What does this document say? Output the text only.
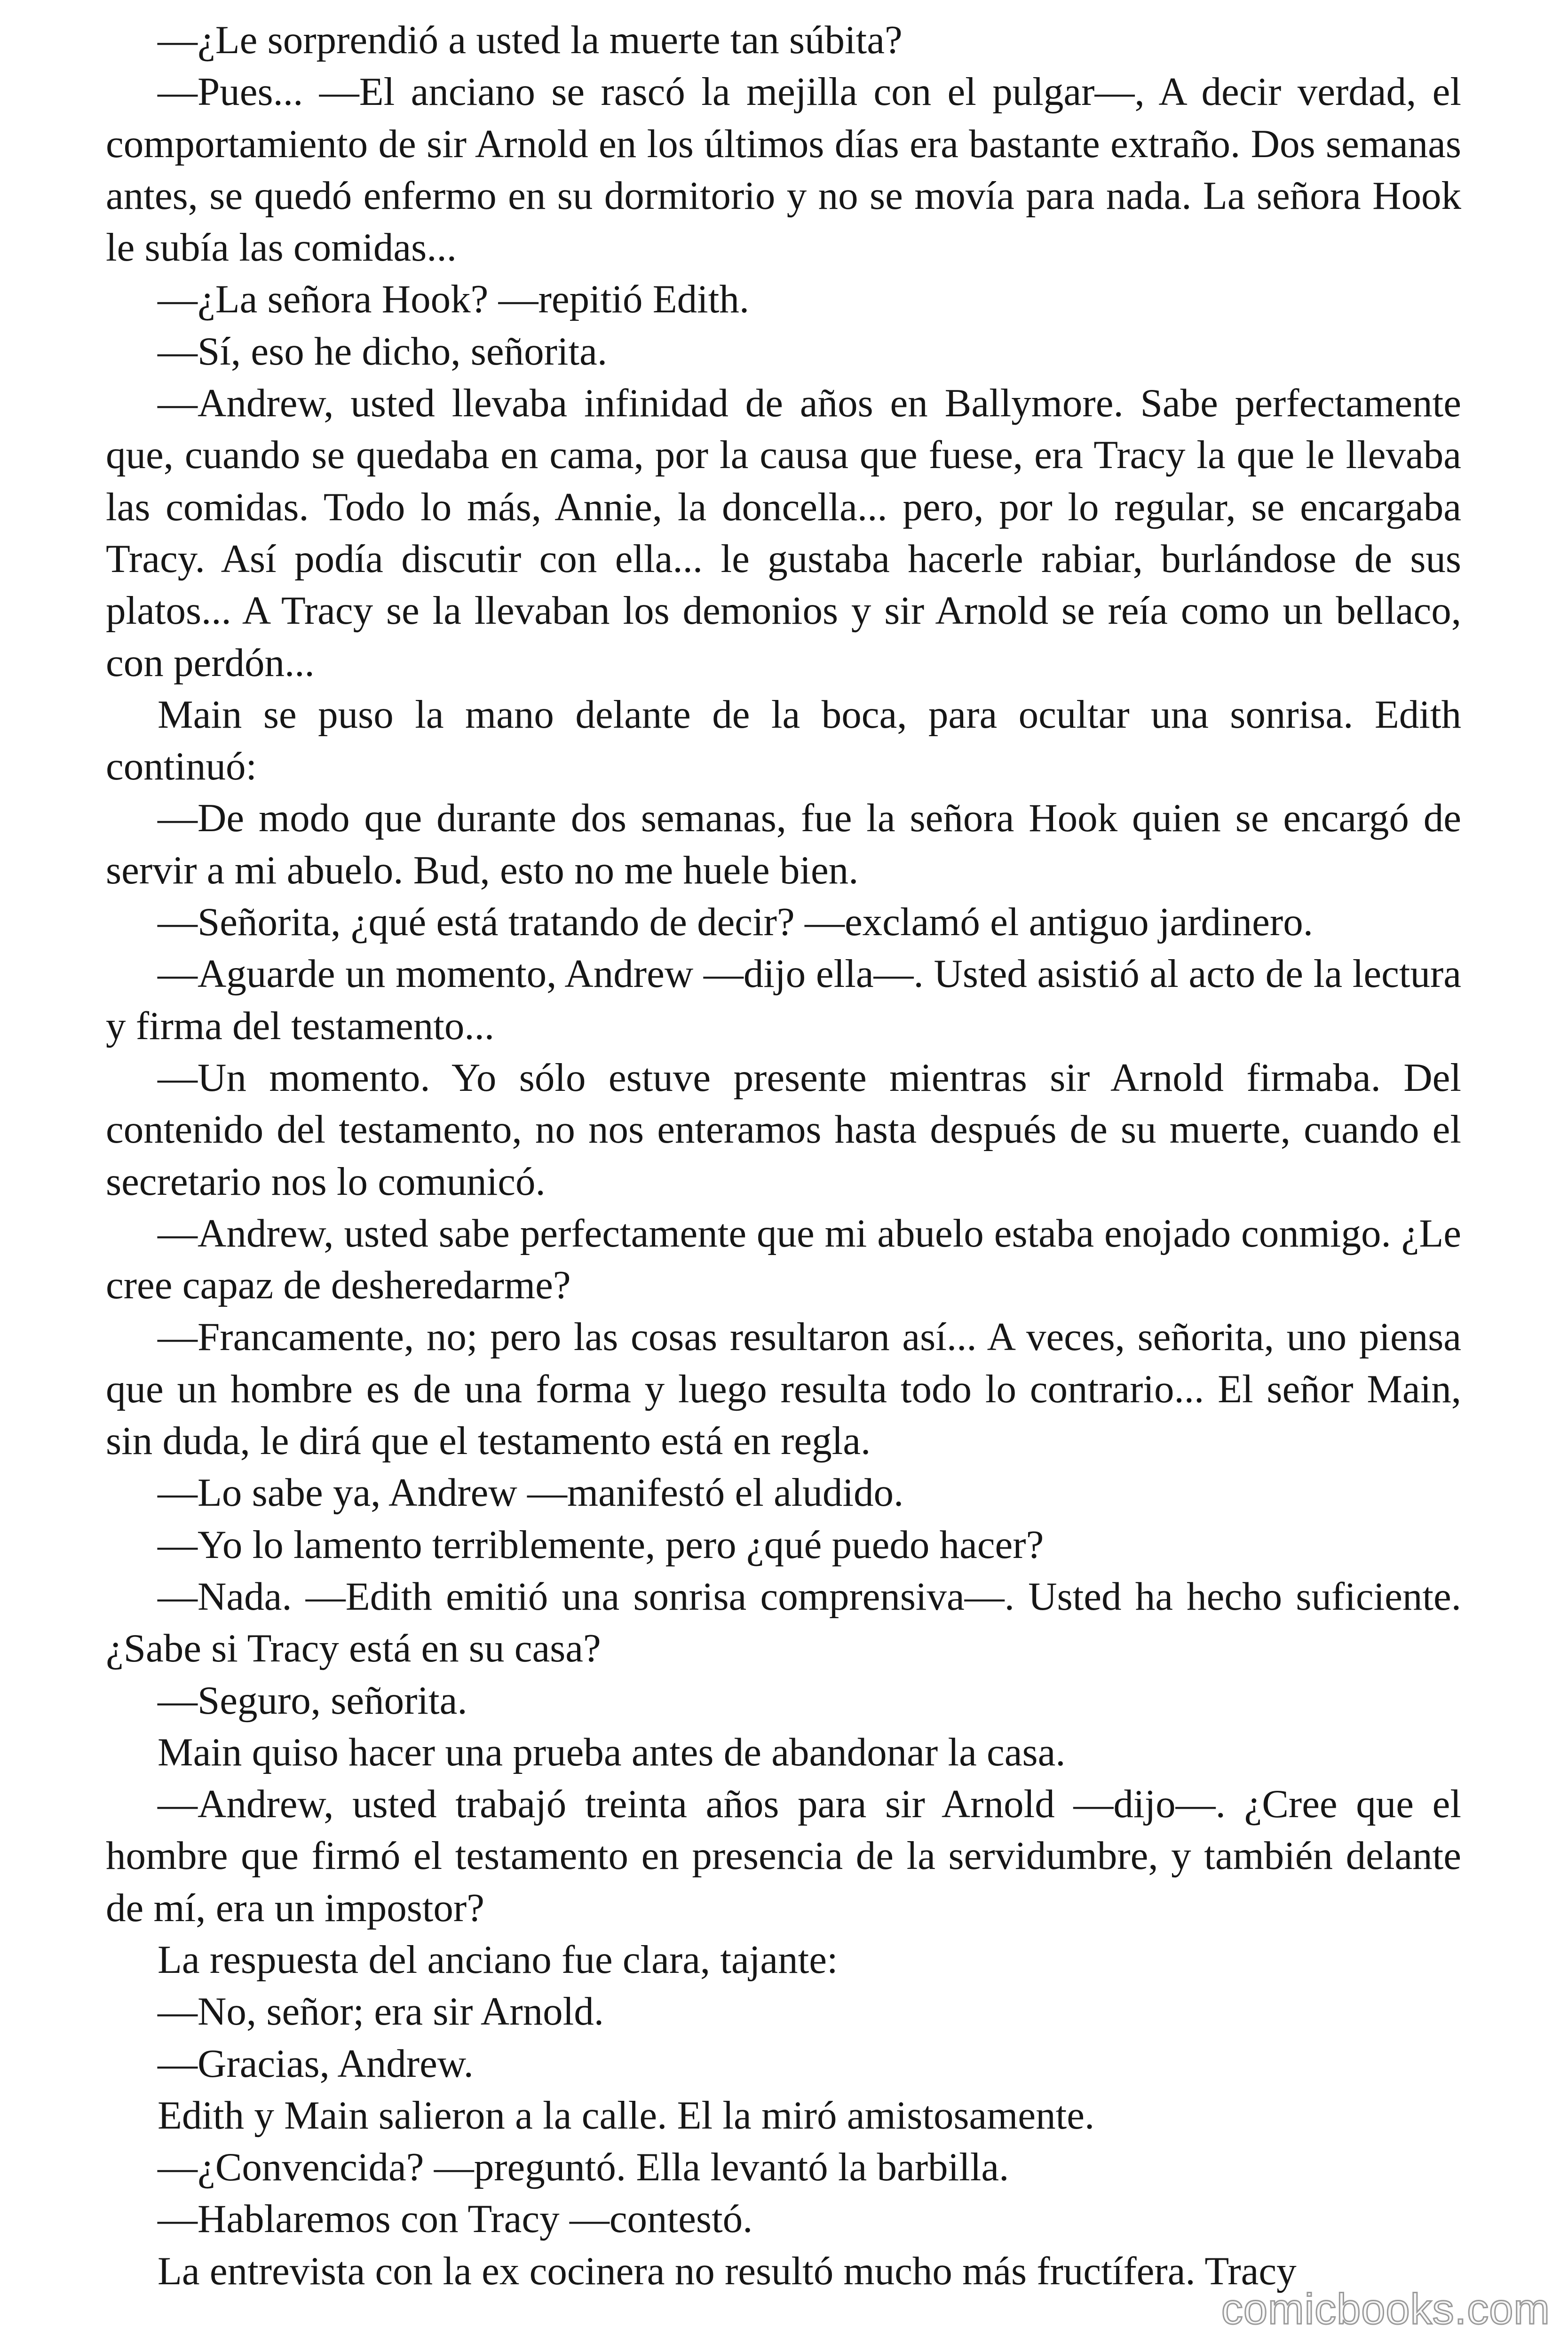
—¿Le sorprendió a usted la muerte tan súbita?

—Pues... —El anciano se rascó la mejilla con el pulgar—, A decir verdad, el comportamiento de sir Arnold en los últimos días era bastante extraño. Dos semanas antes, se quedó enfermo en su dormitorio y no se movía para nada. La señora Hook le subía las comidas...

—¿La señora Hook? —repitió Edith.

—Sí, eso he dicho, señorita.

—Andrew, usted llevaba infinidad de años en Ballymore. Sabe perfectamente que, cuando se quedaba en cama, por la causa que fuese, era Tracy la que le llevaba las comidas. Todo lo más, Annie, la doncella... pero, por lo regular, se encargaba Tracy. Así podía discutir con ella... le gustaba hacerle rabiar, burlándose de sus platos... A Tracy se la llevaban los demonios y sir Arnold se reía como un bellaco, con perdón...

Main se puso la mano delante de la boca, para ocultar una sonrisa. Edith continuó:

—De modo que durante dos semanas, fue la señora Hook quien se encargó de servir a mi abuelo. Bud, esto no me huele bien.

—Señorita, ¿qué está tratando de decir? —exclamó el antiguo jardinero.

—Aguarde un momento, Andrew —dijo ella—. Usted asistió al acto de la lectura y firma del testamento...

—Un momento. Yo sólo estuve presente mientras sir Arnold firmaba. Del contenido del testamento, no nos enteramos hasta después de su muerte, cuando el secretario nos lo comunicó.

—Andrew, usted sabe perfectamente que mi abuelo estaba enojado conmigo. ¿Le cree capaz de desheredarme?

—Francamente, no; pero las cosas resultaron así... A veces, señorita, uno piensa que un hombre es de una forma y luego resulta todo lo contrario... El señor Main, sin duda, le dirá que el testamento está en regla.

—Lo sabe ya, Andrew —manifestó el aludido.

—Yo lo lamento terriblemente, pero ¿qué puedo hacer?

—Nada. —Edith emitió una sonrisa comprensiva—. Usted ha hecho suficiente. ¿Sabe si Tracy está en su casa?

—Seguro, señorita.

Main quiso hacer una prueba antes de abandonar la casa.

—Andrew, usted trabajó treinta años para sir Arnold —dijo—. ¿Cree que el hombre que firmó el testamento en presencia de la servidumbre, y también delante de mí, era un impostor?

La respuesta del anciano fue clara, tajante:

—No, señor; era sir Arnold.

—Gracias, Andrew.

Edith y Main salieron a la calle. El la miró amistosamente.

—¿Convencida? —preguntó. Ella levantó la barbilla.

—Hablaremos con Tracy —contestó.

La entrevista con la ex cocinera no resultó mucho más fructífera. Tracy

comicbooks.com
